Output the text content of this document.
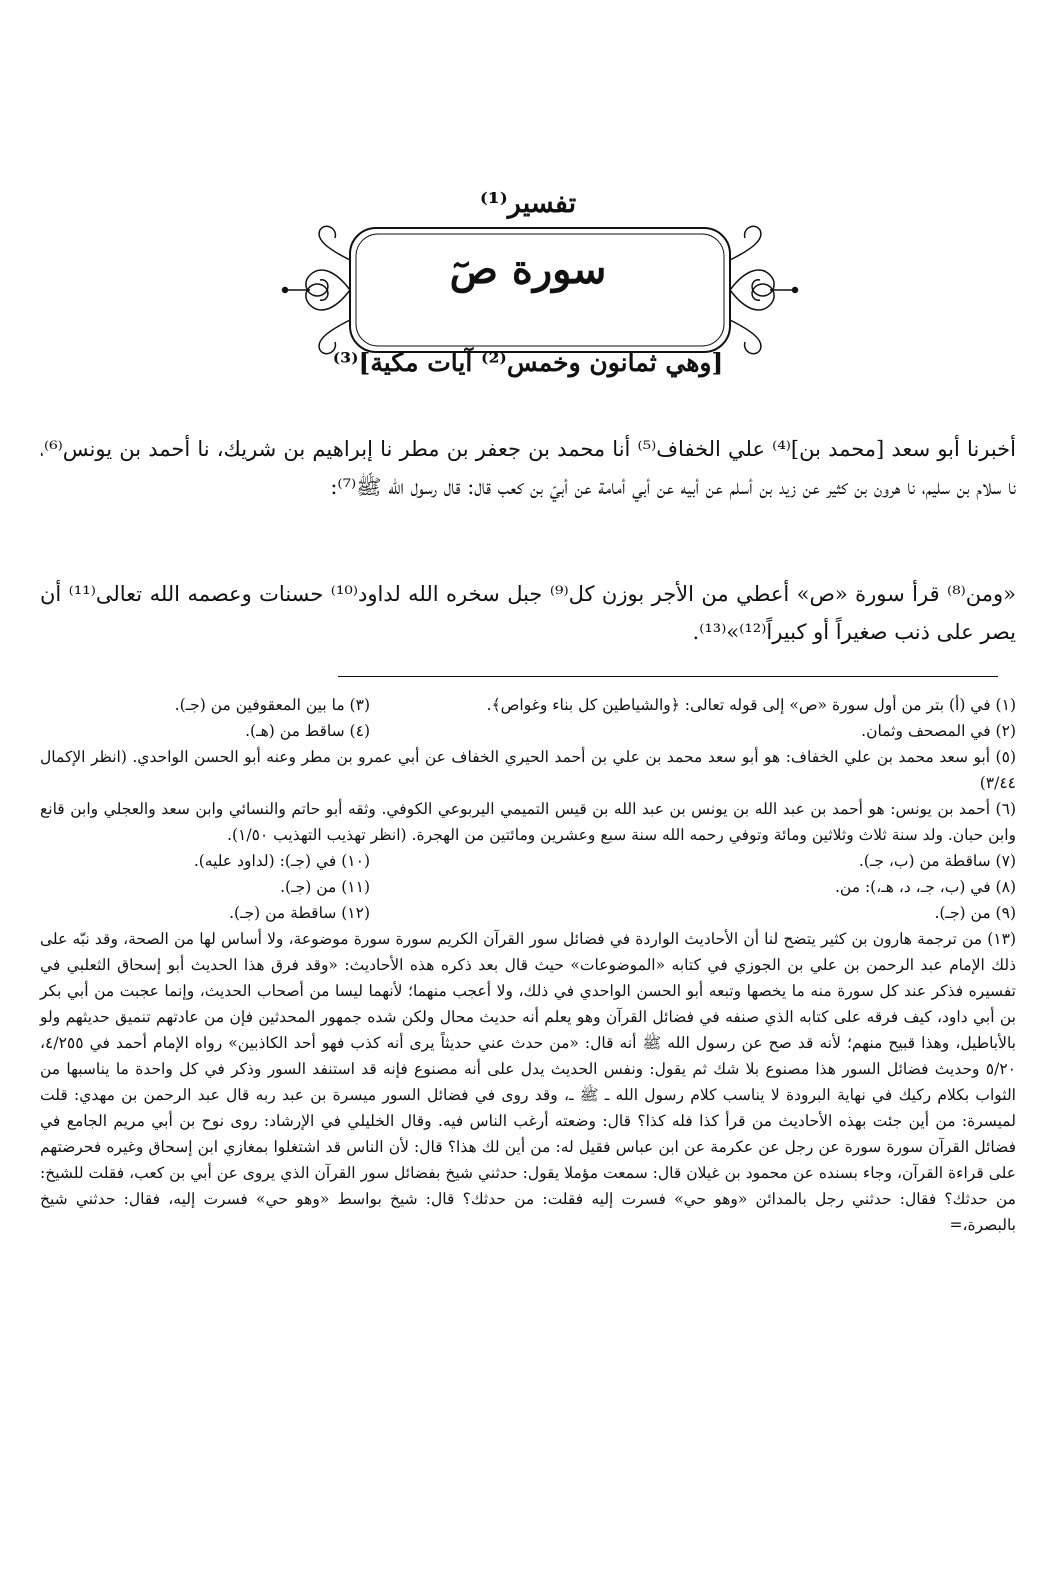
تفسير⁽¹⁾

سورة صٓ

[وهي ثمانون وخمس⁽²⁾ آيات مكية]⁽³⁾

أخبرنا أبو سعد [محمد بن]⁽⁴⁾ علي الخفاف⁽⁵⁾ أنا محمد بن جعفر بن مطر نا إبراهيم بن شريك، نا أحمد بن يونس⁽⁶⁾، نا سلام بن سليم، نا هرون بن كثير عن زيد بن أسلم عن أبيه عن أبي أمامة عن أبيّ بن كعب قال: قال رسول الله ﷺ⁽⁷⁾:

«ومن⁽⁸⁾ قرأ سورة «ص» أعطي من الأجر بوزن كل⁽⁹⁾ جبل سخره الله لداود⁽¹⁰⁾ حسنات وعصمه الله تعالى⁽¹¹⁾ أن يصر على ذنب صغيراً أو كبيراً⁽¹²⁾»⁽¹³⁾.

(١) في (أ) بتر من أول سورة «ص» إلى قوله تعالى: ﴿والشياطين كل بناء وغواص﴾.
(٣) ما بين المعقوفين من (جـ).

(٢) في المصحف وثمان.
(٤) ساقط من (هـ).

(٥) أبو سعد محمد بن علي الخفاف: هو أبو سعد محمد بن علي بن أحمد الحيري الخفاف عن أبي عمرو بن مطر وعنه أبو الحسن الواحدي. (انظر الإكمال ٣/٤٤)

(٦) أحمد بن يونس: هو أحمد بن عبد الله بن يونس بن عبد الله بن قيس التميمي اليربوعي الكوفي. وثقه أبو حاتم والنسائي وابن سعد والعجلي وابن قانع وابن حبان. ولد سنة ثلاث وثلاثين ومائة وتوفي رحمه الله سنة سبع وعشرين ومائتين من الهجرة. (انظر تهذيب التهذيب ١/٥٠).

(٧) ساقطة من (ب، جـ).
(١٠) في (جـ): (لداود عليه).

(٨) في (ب، جـ، د، هـ،): من.
(١١) من (جـ).

(٩) من (جـ).
(١٢) ساقطة من (جـ).

(١٣) من ترجمة هارون بن كثير يتضح لنا أن الأحاديث الواردة في فضائل سور القرآن الكريم سورة سورة موضوعة، ولا أساس لها من الصحة، وقد نبّه على ذلك الإمام عبد الرحمن بن علي بن الجوزي في كتابه «الموضوعات» حيث قال بعد ذكره هذه الأحاديث: «وقد فرق هذا الحديث أبو إسحاق الثعلبي في تفسيره فذكر عند كل سورة منه ما يخصها وتبعه أبو الحسن الواحدي في ذلك، ولا أعجب منهما؛ لأنهما ليسا من أصحاب الحديث، وإنما عجبت من أبي بكر بن أبي داود، كيف فرقه على كتابه الذي صنفه في فضائل القرآن وهو يعلم أنه حديث محال ولكن شده جمهور المحدثين فإن من عادتهم تنميق حديثهم ولو بالأباطيل، وهذا قبيح منهم؛ لأنه قد صح عن رسول الله ﷺ أنه قال: «من حدث عني حديثاً يرى أنه كذب فهو أحد الكاذبين» رواه الإمام أحمد في ٤/٢٥٥، ٥/٢٠ وحديث فضائل السور هذا مصنوع بلا شك ثم يقول: ونفس الحديث يدل على أنه مصنوع فإنه قد استنفد السور وذكر في كل واحدة ما يناسبها من الثواب بكلام ركيك في نهاية البرودة لا يناسب كلام رسول الله ـ ﷺ ـ، وقد روى في فضائل السور ميسرة بن عبد ربه قال عبد الرحمن بن مهدي: قلت لميسرة: من أين جئت بهذه الأحاديث من قرأ كذا فله كذا؟ قال: وضعته أرغب الناس فيه. وقال الخليلي في الإرشاد: روى نوح بن أبي مريم الجامع في فضائل القرآن سورة سورة عن رجل عن عكرمة عن ابن عباس فقيل له: من أين لك هذا؟ قال: لأن الناس قد اشتغلوا بمغازي ابن إسحاق وغيره فحرضتهم على قراءة القرآن، وجاء بسنده عن محمود بن غيلان قال: سمعت مؤملا يقول: حدثني شيخ بفضائل سور القرآن الذي يروى عن أبي بن كعب، فقلت للشيخ: من حدثك؟ فقال: حدثني رجل بالمدائن «وهو حي» فسرت إليه فقلت: من حدثك؟ قال: شيخ بواسط «وهو حي» فسرت إليه، فقال: حدثني شيخ بالبصرة،=
